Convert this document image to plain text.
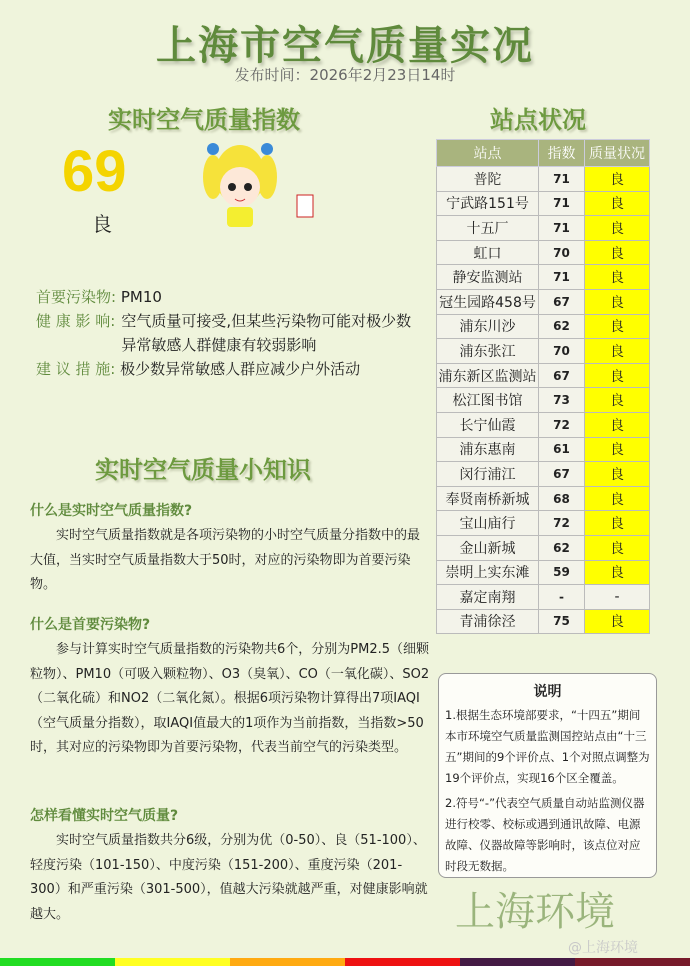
上海市空气质量实况
发布时间：2026年2月23日14时
实时空气质量指数
69
良
首要污染物: PM10
健 康 影 响: 空气质量可接受,但某些污染物可能对极少数异常敏感人群健康有较弱影响
建 议 措 施: 极少数异常敏感人群应减少户外活动
实时空气质量小知识
什么是实时空气质量指数?
实时空气质量指数就是各项污染物的小时空气质量分指数中的最大值，当实时空气质量指数大于50时，对应的污染物即为首要污染物。
什么是首要污染物?
参与计算实时空气质量指数的污染物共6个，分别为PM2.5（细颗粒物）、PM10（可吸入颗粒物）、O3（臭氧）、CO（一氧化碳）、SO2（二氧化硫）和NO2（二氧化氮）。根据6项污染物计算得出7项IAQI（空气质量分指数），取IAQI值最大的1项作为当前指数，当指数>50时，其对应的污染物即为首要污染物，代表当前空气的污染类型。
怎样看懂实时空气质量?
实时空气质量指数共分6级，分别为优（0-50）、良（51-100）、轻度污染（101-150）、中度污染（151-200）、重度污染（201-300）和严重污染（301-500），值越大污染就越严重，对健康影响就越大。
站点状况
站点	指数	质量状况
普陀	71	良
宁武路151号	71	良
十五厂	71	良
虹口	70	良
静安监测站	71	良
冠生园路458号	67	良
浦东川沙	62	良
浦东张江	70	良
浦东新区监测站	67	良
松江图书馆	73	良
长宁仙霞	72	良
浦东惠南	61	良
闵行浦江	67	良
奉贤南桥新城	68	良
宝山庙行	72	良
金山新城	62	良
崇明上实东滩	59	良
嘉定南翔	-	-
青浦徐泾	75	良
说明

1.根据生态环境部要求，“十四五”期间本市环境空气质量监测国控站点由“十三五”期间的9个评价点、1个对照点调整为19个评价点，实现16个区全覆盖。

2.符号“-”代表空气质量自动站监测仪器进行校零、校标或遇到通讯故障、电源故障、仪器故障等影响时，该点位对应时段无数据。

上海环境
@上海环境
